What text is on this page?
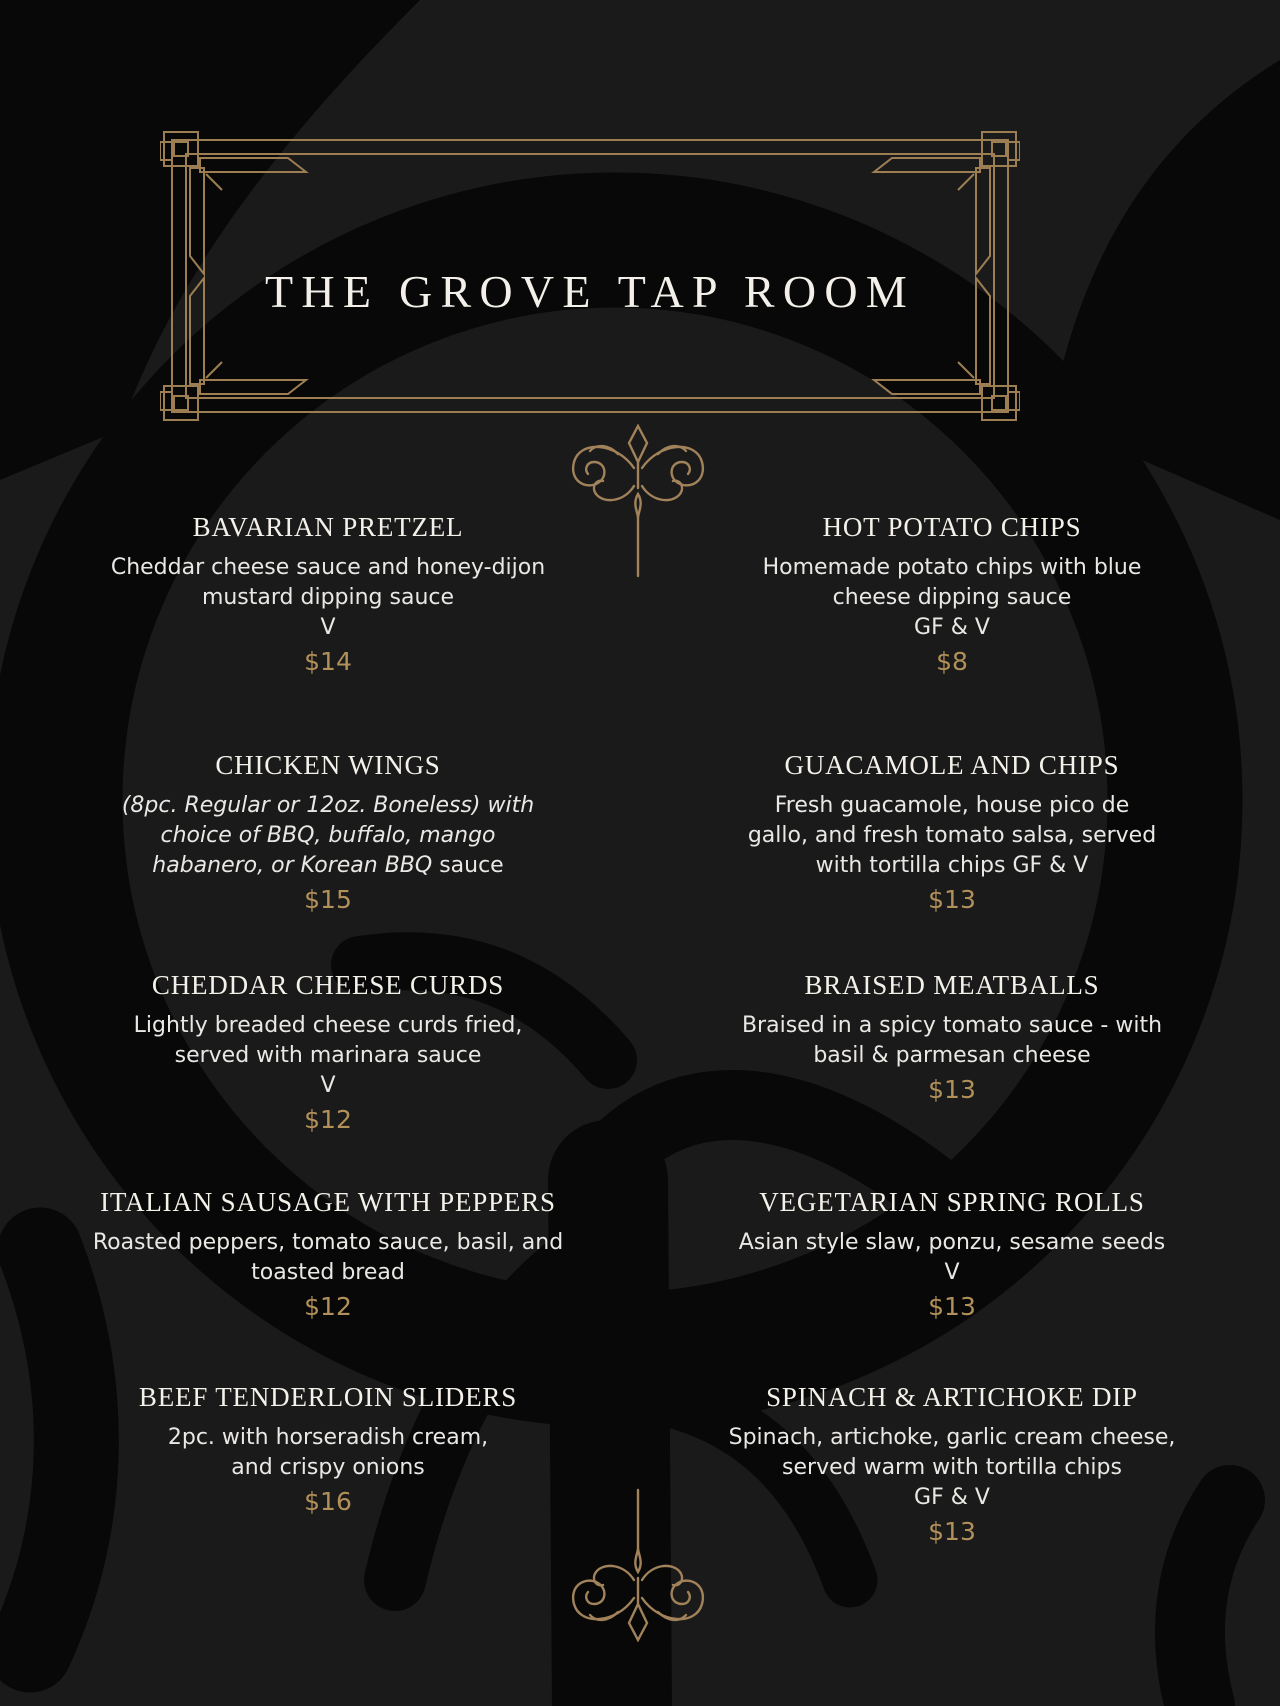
THE GROVE TAP ROOM
BAVARIAN PRETZEL

Cheddar cheese sauce and honey-dijon
mustard dipping sauce

V
$14
HOT POTATO CHIPS

Homemade potato chips with blue
cheese dipping sauce

GF & V
$8
CHICKEN WINGS

(8pc. Regular or 12oz. Boneless) with
choice of BBQ, buffalo, mango
habanero, or Korean BBQ sauce

$15
GUACAMOLE AND CHIPS

Fresh guacamole, house pico de
gallo, and fresh tomato salsa, served
with tortilla chips GF & V

$13
CHEDDAR CHEESE CURDS

Lightly breaded cheese curds fried,
served with marinara sauce

V
$12
BRAISED MEATBALLS

Braised in a spicy tomato sauce - with
basil & parmesan cheese

$13
ITALIAN SAUSAGE WITH PEPPERS

Roasted peppers, tomato sauce, basil, and
toasted bread

$12
VEGETARIAN SPRING ROLLS

Asian style slaw, ponzu, sesame seeds

V
$13
BEEF TENDERLOIN SLIDERS

2pc. with horseradish cream,
and crispy onions

$16
SPINACH & ARTICHOKE DIP

Spinach, artichoke, garlic cream cheese,
served warm with tortilla chips

GF & V
$13
